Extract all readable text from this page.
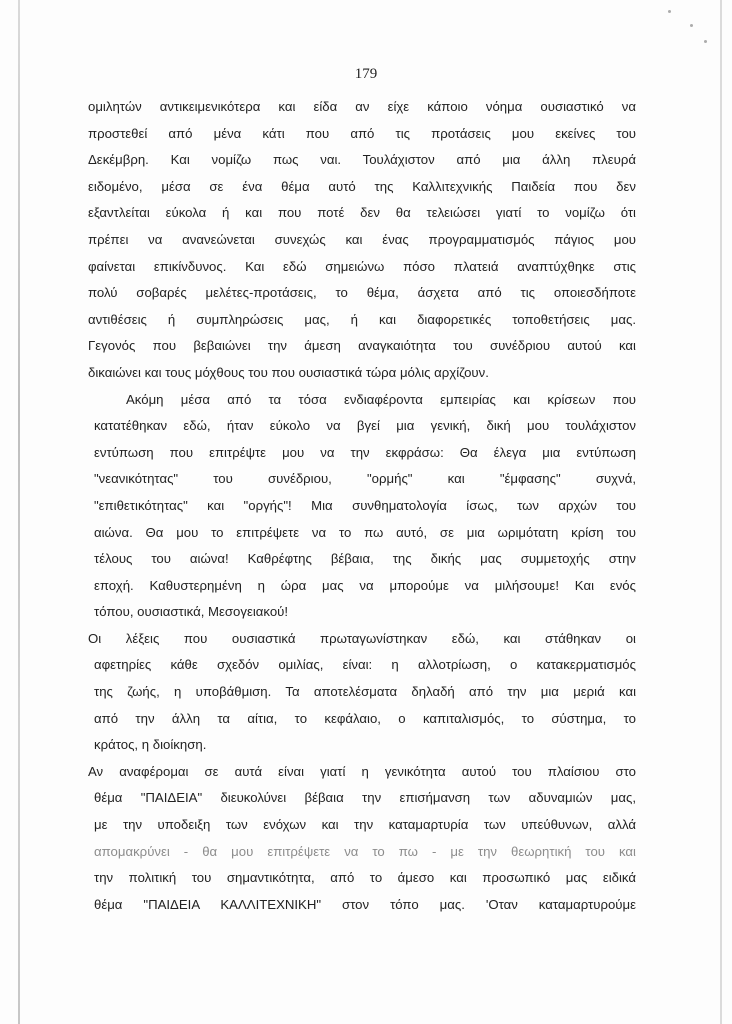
179
ομιλητών αντικειμενικότερα και είδα αν είχε κάποιο νόημα ουσιαστικό να
προστεθεί από μένα κάτι που από τις προτάσεις μου εκείνες του
Δεκέμβρη. Και νομίζω πως ναι. Τουλάχιστον από μια άλλη πλευρά
ειδομένο, μέσα σε ένα θέμα αυτό της Καλλιτεχνικής Παιδεία που δεν
εξαντλείται εύκολα ή και που ποτέ δεν θα τελειώσει γιατί το νομίζω ότι
πρέπει να ανανεώνεται συνεχώς και ένας προγραμματισμός πάγιος μου
φαίνεται επικίνδυνος. Και εδώ σημειώνω πόσο πλατειά αναπτύχθηκε στις
πολύ σοβαρές μελέτες-προτάσεις, το θέμα, άσχετα από τις οποιεσδήποτε
αντιθέσεις ή συμπληρώσεις μας, ή και διαφορετικές τοποθετήσεις μας.
Γεγονός που βεβαιώνει την άμεση αναγκαιότητα του συνέδριου αυτού και
δικαιώνει και τους μόχθους του που ουσιαστικά τώρα μόλις αρχίζουν.
Ακόμη μέσα από τα τόσα ενδιαφέροντα εμπειρίας και κρίσεων που
κατατέθηκαν εδώ, ήταν εύκολο να βγεί μια γενική, δική μου τουλάχιστον
εντύπωση που επιτρέψτε μου να την εκφράσω: Θα έλεγα μια εντύπωση
"νεανικότητας" του συνέδριου, "ορμής" και "έμφασης" συχνά,
"επιθετικότητας" και "οργής"! Μια συνθηματολογία ίσως, των αρχών του
αιώνα. Θα μου το επιτρέψετε να το πω αυτό, σε μια ωριμότατη κρίση του
τέλους του αιώνα! Καθρέφτης βέβαια, της δικής μας συμμετοχής στην
εποχή. Καθυστερημένη η ώρα μας να μπορούμε να μιλήσουμε! Και ενός
τόπου, ουσιαστικά, Μεσογειακού!
Οι λέξεις που ουσιαστικά πρωταγωνίστηκαν εδώ, και στάθηκαν οι
αφετηρίες κάθε σχεδόν ομιλίας, είναι: η αλλοτρίωση, ο κατακερματισμός
της ζωής, η υποβάθμιση. Τα αποτελέσματα δηλαδή από την μια μεριά και
από την άλλη τα αίτια, το κεφάλαιο, ο καπιταλισμός, το σύστημα, το
κράτος, η διοίκηση.
Αν αναφέρομαι σε αυτά είναι γιατί η γενικότητα αυτού του πλαίσιου στο
θέμα "ΠΑΙΔΕΙΑ" διευκολύνει βέβαια την επισήμανση των αδυναμιών μας,
με την υποδειξη των ενόχων και την καταμαρτυρία των υπεύθυνων, αλλά
απομακρύνει - θα μου επιτρέψετε να το πω - με την θεωρητική του και
την πολιτική του σημαντικότητα, από το άμεσο και προσωπικό μας ειδικά
θέμα "ΠΑΙΔΕΙΑ ΚΑΛΛΙΤΕΧΝΙΚΗ" στον τόπο μας. 'Οταν καταμαρτυρούμε
